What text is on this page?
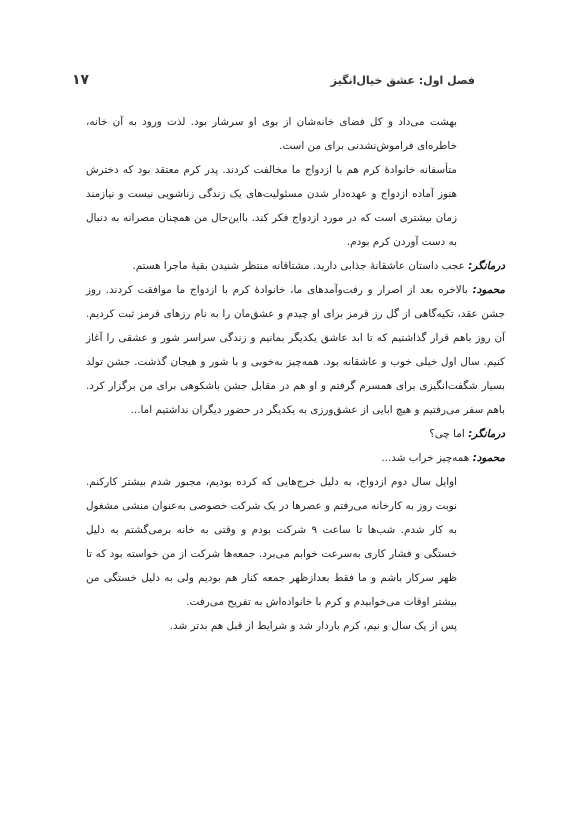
فصل اول: عشق خیال‌انگیز
۱۷

بهشت می‌داد و کل فضای خانه‌شان از بوی او سرشار بود. لذت ورود به آن خانه، خاطره‌ای فراموش‌نشدنی برای من است.

متأسفانه خانوادهٔ کرم هم با ازدواج ما مخالفت کردند. پدر کرم معتقد بود که دخترش هنوز آماده ازدواج و عهده‌دار شدن مسئولیت‌های یک زندگی زناشویی نیست و نیازمند زمان بیشتری است که در مورد ازدواج فکر کند. بااین‌حال من همچنان مصرانه به دنبال به دست آوردن کرم بودم.

درمانگر: عجب داستان عاشقانهٔ جذابی دارید. مشتاقانه منتظر شنیدن بقیهٔ ماجرا هستم.

محمود: بالاخره بعد از اصرار و رفت‌وآمدهای ما، خانوادهٔ کرم با ازدواج ما موافقت کردند. روز جشن عقد، تکیه‌گاهی از گل رز قرمز برای او چیدم و عشق‌مان را به نام رزهای قرمز ثبت کردیم. آن روز باهم قرار گذاشتیم که تا ابد عاشق یکدیگر بمانیم و زندگی سراسر شور و عشقی را آغاز کنیم. سال اول خیلی خوب و عاشقانه بود. همه‌چیز به‌خوبی و با شور و هیجان گذشت. جشن تولد بسیار شگفت‌انگیزی برای همسرم گرفتم و او هم در مقابل جشن باشکوهی برای من برگزار کرد. باهم سفر می‌رفتیم و هیچ ابایی از عشق‌ورزی به یکدیگر در حضور دیگران نداشتیم اما...

درمانگر: اما چی؟

محمود: همه‌چیز خراب شد...

اوایل سال دوم ازدواج، به دلیل خرج‌هایی که کرده بودیم، مجبور شدم بیشتر کارکنم. نوبت روز به کارخانه می‌رفتم و عصرها در یک شرکت خصوصی به‌عنوان منشی مشغول به کار شدم. شب‌ها تا ساعت ۹ شرکت بودم و وقتی به خانه برمی‌گشتم به دلیل خستگی و فشار کاری به‌سرعت خوابم می‌برد. جمعه‌ها شرکت از من خواسته بود که تا ظهر سرکار باشم و ما فقط بعدازظهر جمعه کنار هم بودیم ولی به دلیل خستگی من بیشتر اوقات می‌خوابیدم و کرم با خانواده‌اش به تفریح می‌رفت.

پس از یک سال و نیم، کرم باردار شد و شرایط از قبل هم بدتر شد.
